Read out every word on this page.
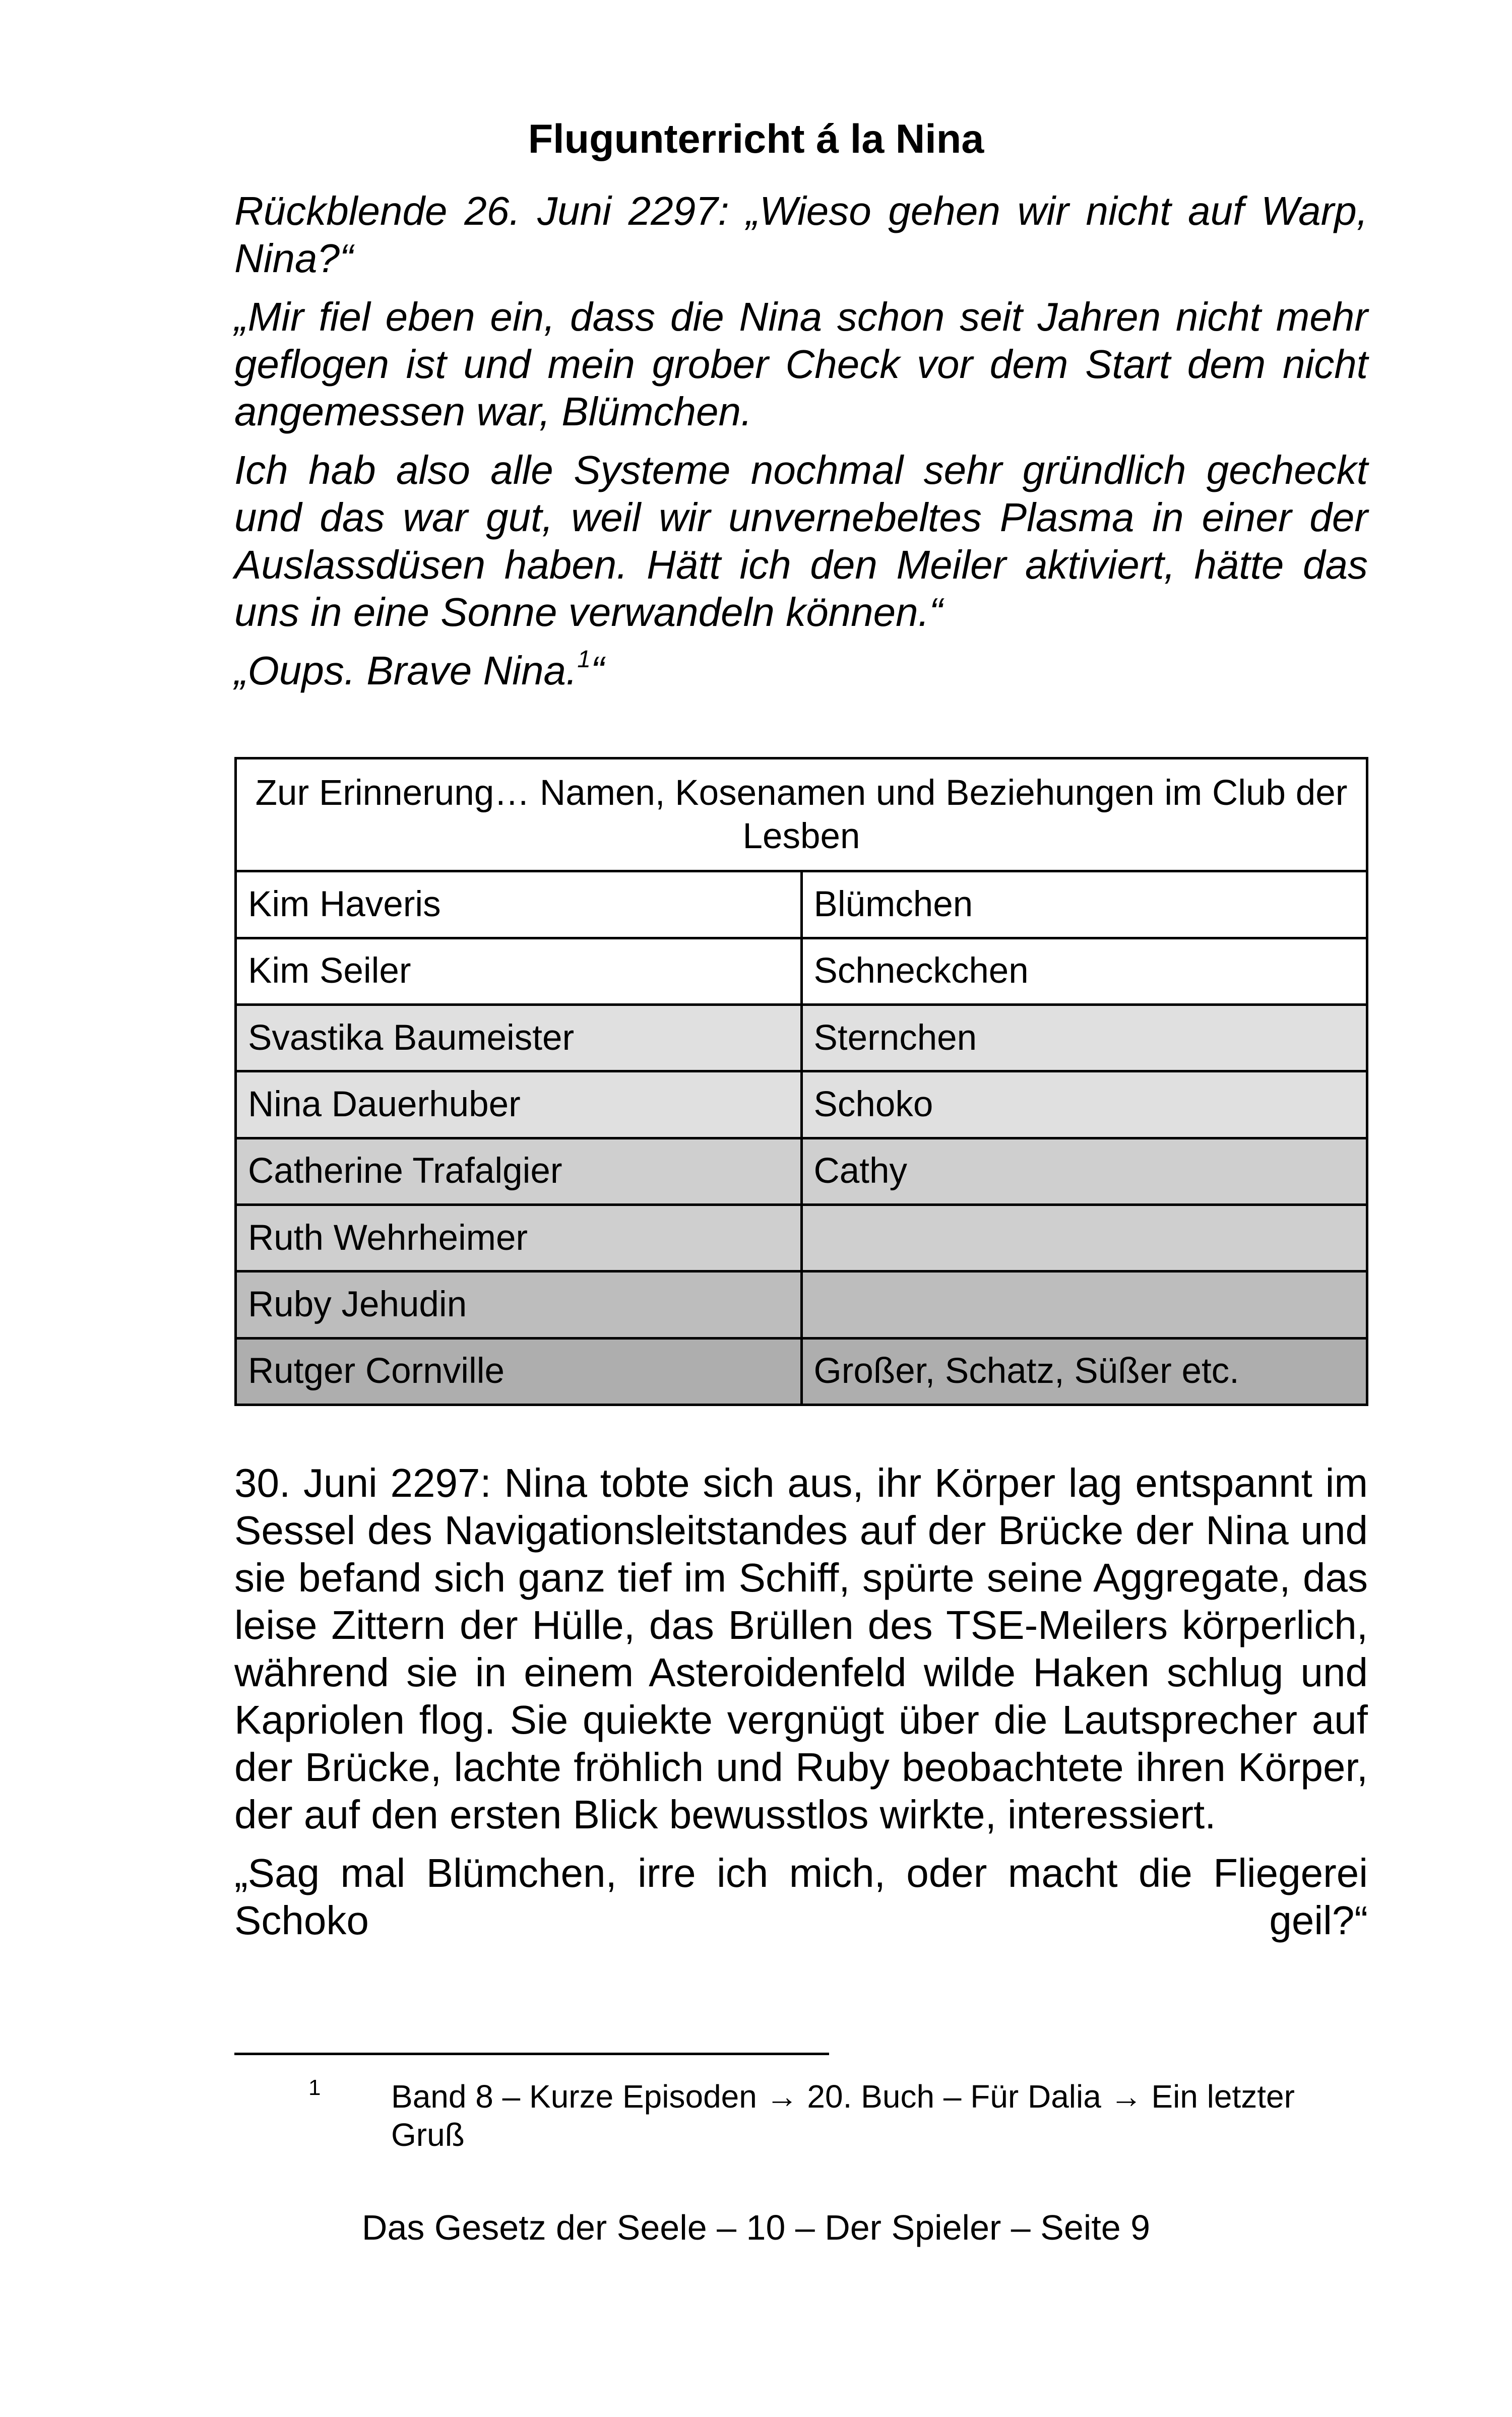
Flugunterricht á la Nina

Rückblende 26. Juni 2297: „Wieso gehen wir nicht auf Warp, Nina?“

„Mir fiel eben ein, dass die Nina schon seit Jahren nicht mehr geflogen ist und mein grober Check vor dem Start dem nicht angemessen war, Blümchen.

Ich hab also alle Systeme nochmal sehr gründlich gecheckt und das war gut, weil wir unvernebeltes Plasma in einer der Auslassdüsen haben. Hätt ich den Meiler aktiviert, hätte das uns in eine Sonne verwandeln können.“

„Oups. Brave Nina.$^1$“

Zur Erinnerung… Namen, Kosenamen und Beziehungen im Club der Lesben	
Kim Haveris	Blümchen
Kim Seiler	Schneckchen
Svastika Baumeister	Sternchen
Nina Dauerhuber	Schoko
Catherine Trafalgier	Cathy
Ruth Wehrheimer	
Ruby Jehudin	
Rutger Cornville	Großer, Schatz, Süßer etc.

30. Juni 2297: Nina tobte sich aus, ihr Körper lag entspannt im Sessel des Navigationsleitstandes auf der Brücke der Nina und sie befand sich ganz tief im Schiff, spürte seine Aggregate, das leise Zittern der Hülle, das Brüllen des TSE-Meilers körperlich, während sie in einem Asteroidenfeld wilde Haken schlug und Kapriolen flog. Sie quiekte vergnügt über die Lautsprecher auf der Brücke, lachte fröhlich und Ruby beobachtete ihren Körper, der auf den ersten Blick bewusstlos wirkte, interessiert.

„Sag mal Blümchen, irre ich mich, oder macht die Fliegerei Schoko geil?“

1 Band 8 – Kurze Episoden → 20. Buch – Für Dalia → Ein letzter Gruß
Das Gesetz der Seele – 10 – Der Spieler – Seite 9
